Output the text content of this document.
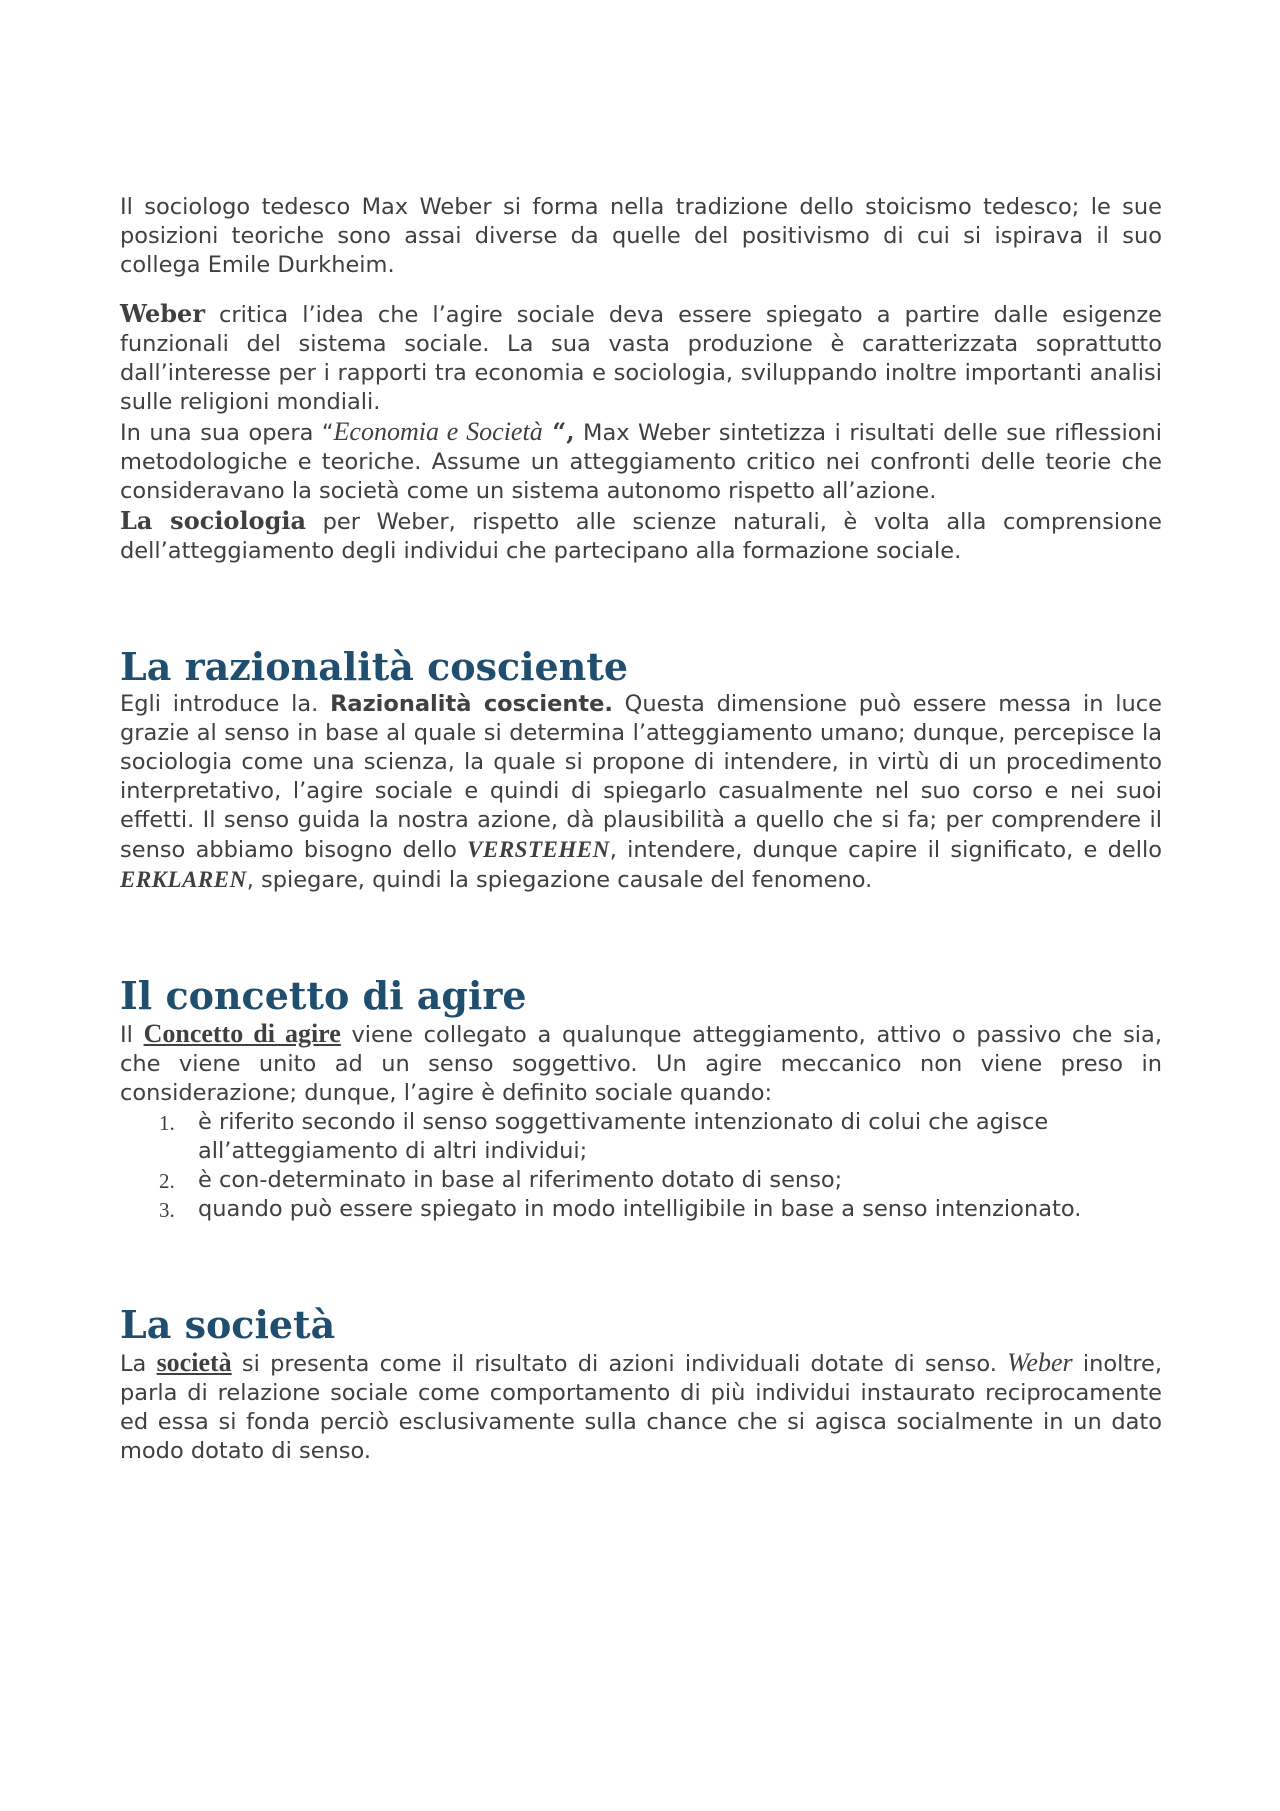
Il sociologo tedesco Max Weber si forma nella tradizione dello stoicismo tedesco; le sue posizioni teoriche sono assai diverse da quelle del positivismo di cui si ispirava il suo collega Emile Durkheim.

Weber critica l’idea che l’agire sociale deva essere spiegato a partire dalle esigenze funzionali del sistema sociale. La sua vasta produzione è caratterizzata soprattutto dall’interesse per i rapporti tra economia e sociologia, sviluppando inoltre importanti analisi sulle religioni mondiali.

In una sua opera “Economia e Società “, Max Weber sintetizza i risultati delle sue riflessioni metodologiche e teoriche. Assume un atteggiamento critico nei confronti delle teorie che consideravano la società come un sistema autonomo rispetto all’azione.

La sociologia per Weber, rispetto alle scienze naturali, è volta alla comprensione dell’atteggiamento degli individui che partecipano alla formazione sociale.

La razionalità cosciente

Egli introduce la. Razionalità cosciente. Questa dimensione può essere messa in luce grazie al senso in base al quale si determina l’atteggiamento umano; dunque, percepisce la sociologia come una scienza, la quale si propone di intendere, in virtù di un procedimento interpretativo, l’agire sociale e quindi di spiegarlo casualmente nel suo corso e nei suoi effetti. Il senso guida la nostra azione, dà plausibilità a quello che si fa; per comprendere il senso abbiamo bisogno dello VERSTEHEN, intendere, dunque capire il significato, e dello ERKLAREN, spiegare, quindi la spiegazione causale del fenomeno.

Il concetto di agire

Il Concetto di agire viene collegato a qualunque atteggiamento, attivo o passivo che sia, che viene unito ad un senso soggettivo. Un agire meccanico non viene preso in considerazione; dunque, l’agire è definito sociale quando:

1. è riferito secondo il senso soggettivamente intenzionato di colui che agisce all’atteggiamento di altri individui;
2. è con-determinato in base al riferimento dotato di senso;
3. quando può essere spiegato in modo intelligibile in base a senso intenzionato.
La società

La società si presenta come il risultato di azioni individuali dotate di senso. Weber inoltre, parla di relazione sociale come comportamento di più individui instaurato reciprocamente ed essa si fonda perciò esclusivamente sulla chance che si agisca socialmente in un dato modo dotato di senso.
